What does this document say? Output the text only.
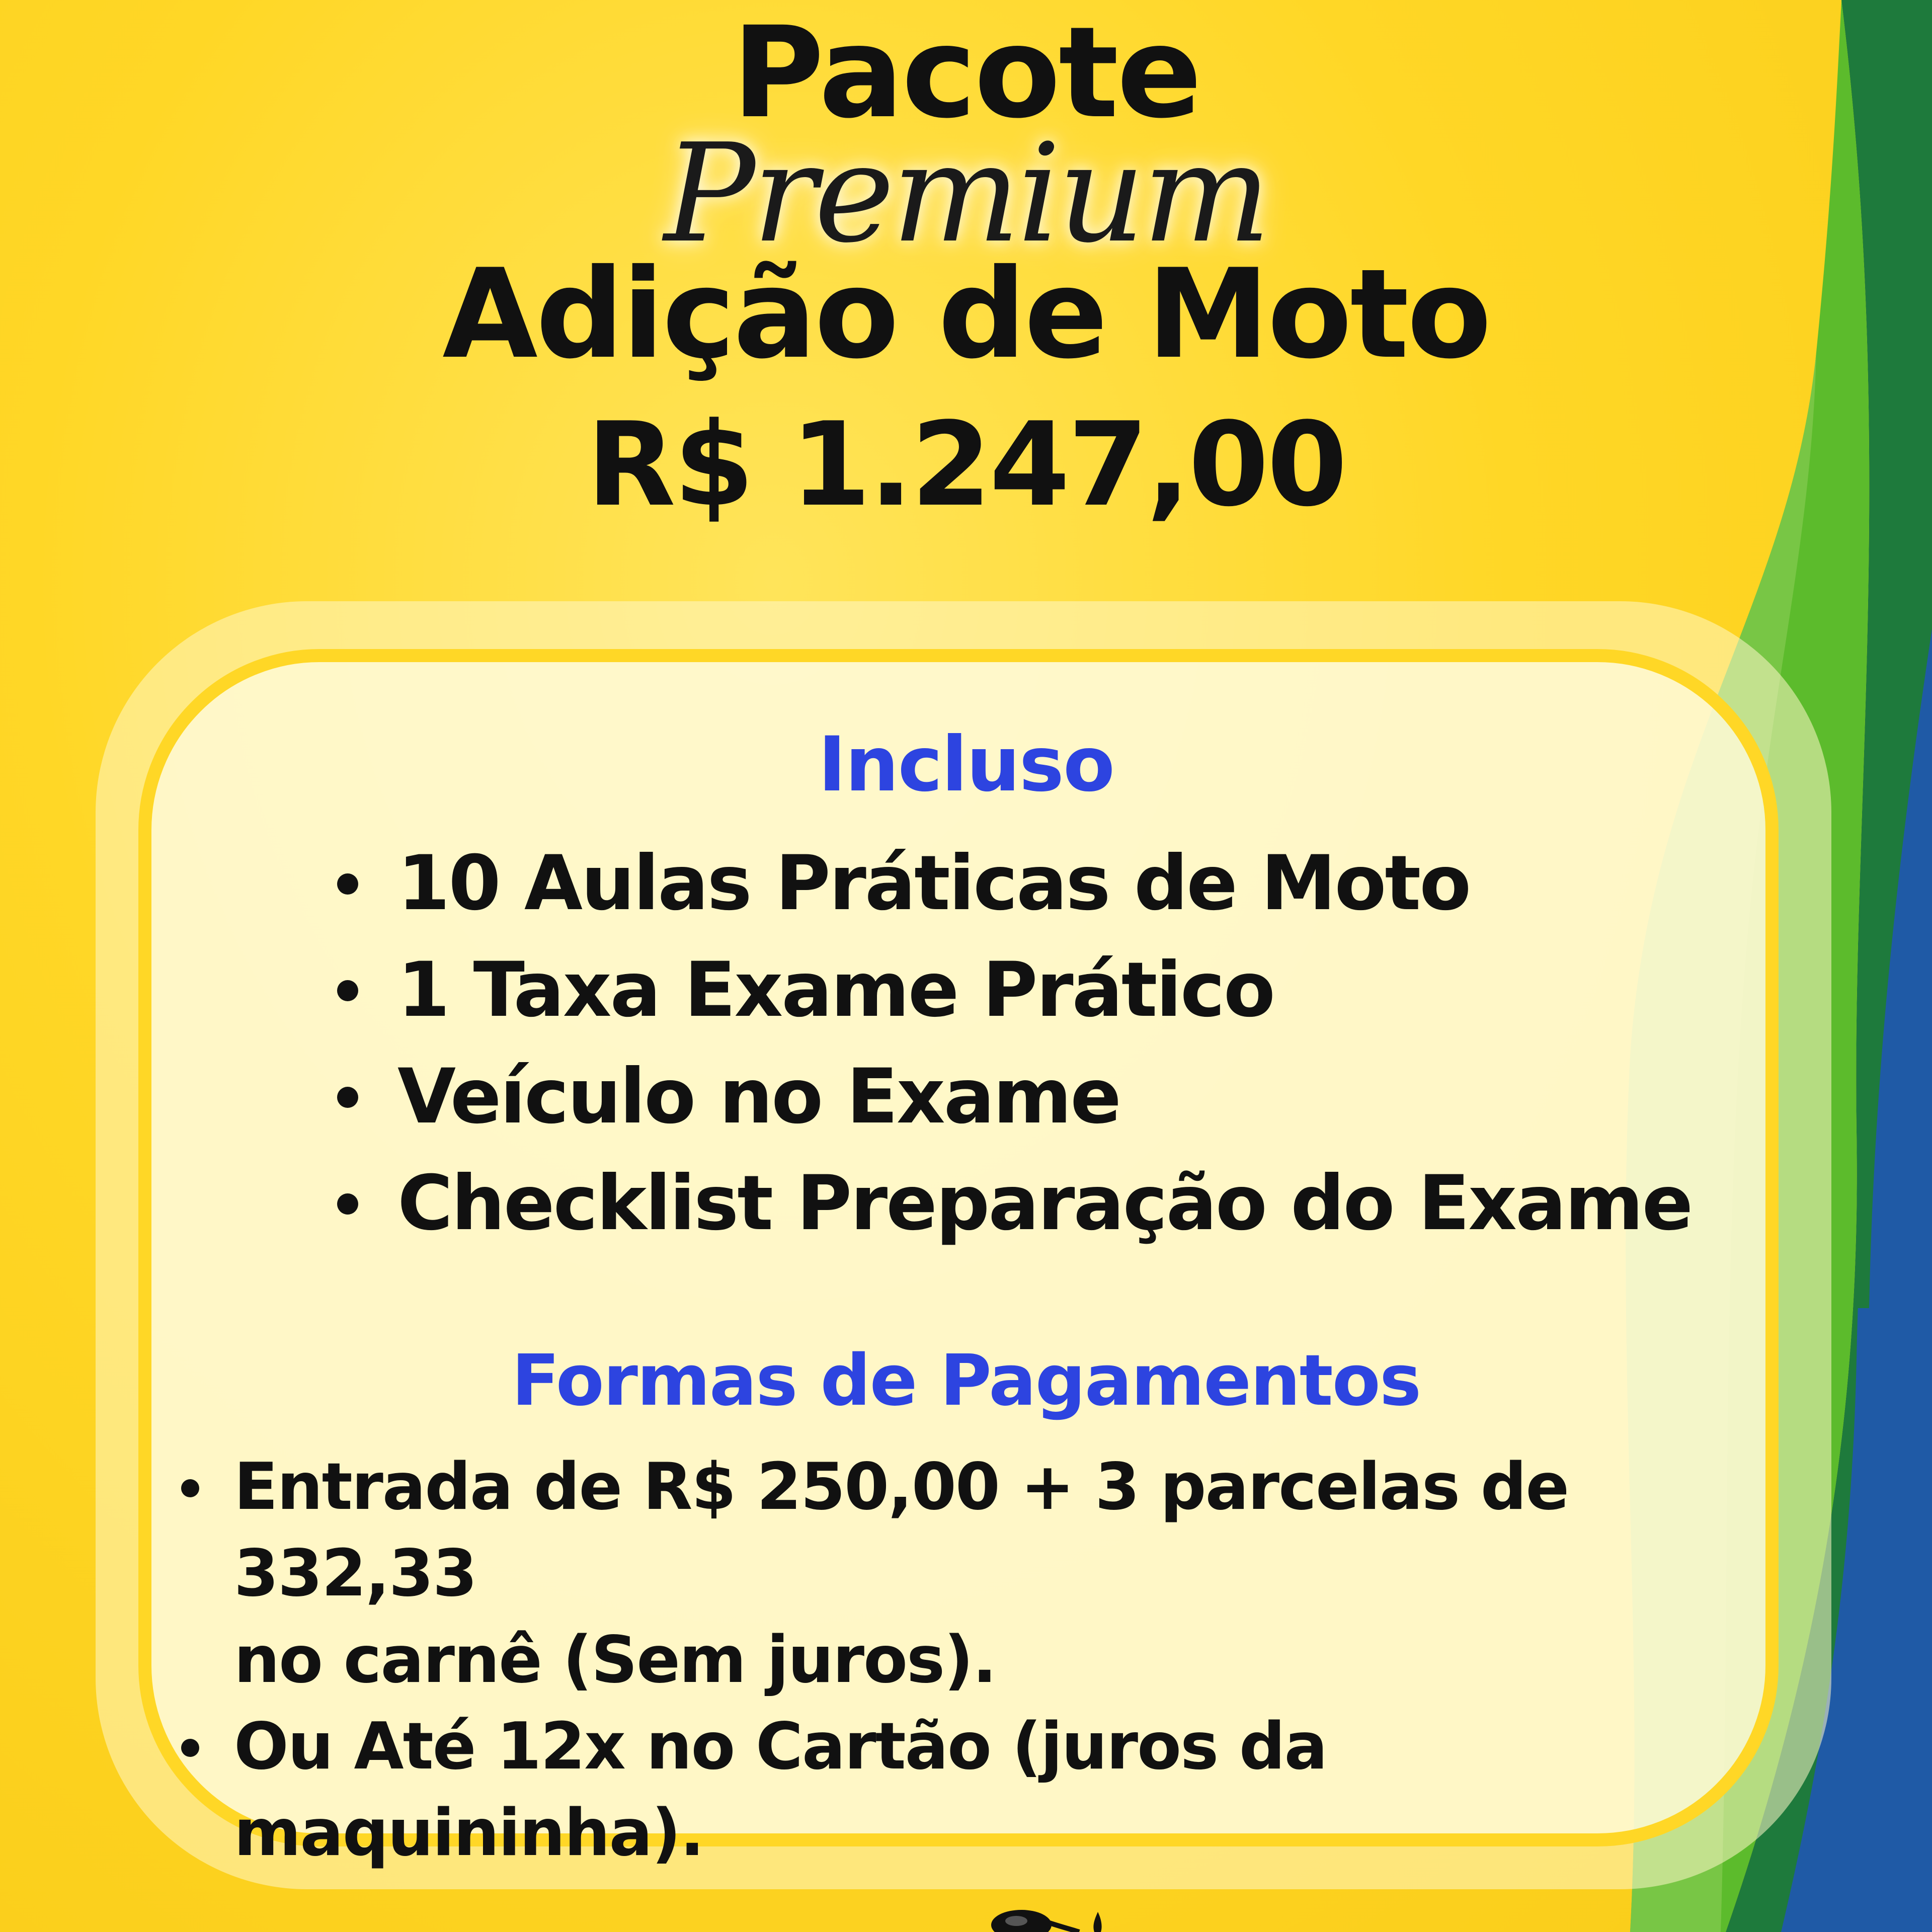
Pacote
Premium
Adição de Moto
R$ 1.247,00
Incluso
10 Aulas Práticas de Moto
1 Taxa Exame Prático
Veículo no Exame
Checklist Preparação do Exame
Formas de Pagamentos
Entrada de R$ 250,00 + 3 parcelas de 332,33
no carnê (Sem juros).
Ou Até 12x no Cartão (juros da maquininha).
